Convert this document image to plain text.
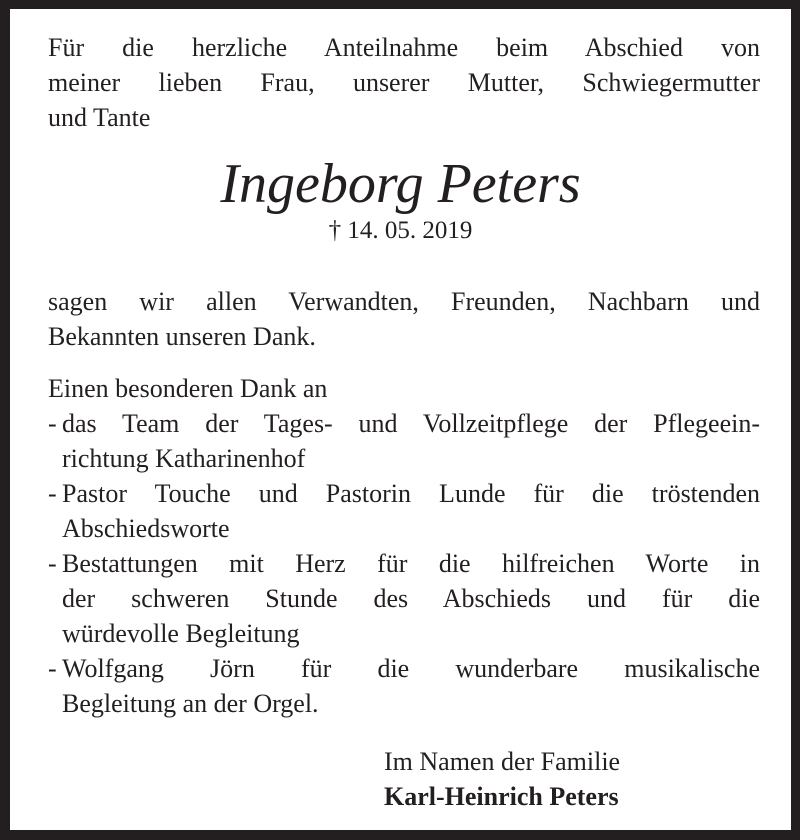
Für die herzliche Anteilnahme beim Abschied von
meiner lieben Frau, unserer Mutter, Schwiegermutter
und Tante
Ingeborg Peters
† 14. 05. 2019
sagen wir allen Verwandten, Freunden, Nachbarn und
Bekannten unseren Dank.
Einen besonderen Dank an
- das Team der Tages- und Vollzeitpflege der Pflegeein-
richtung Katharinenhof
- Pastor Touche und Pastorin Lunde für die tröstenden
Abschiedsworte
- Bestattungen mit Herz für die hilfreichen Worte in
der schweren Stunde des Abschieds und für die
würdevolle Begleitung
- Wolfgang Jörn für die wunderbare musikalische
Begleitung an der Orgel.
Im Namen der Familie
Karl-Heinrich Peters
